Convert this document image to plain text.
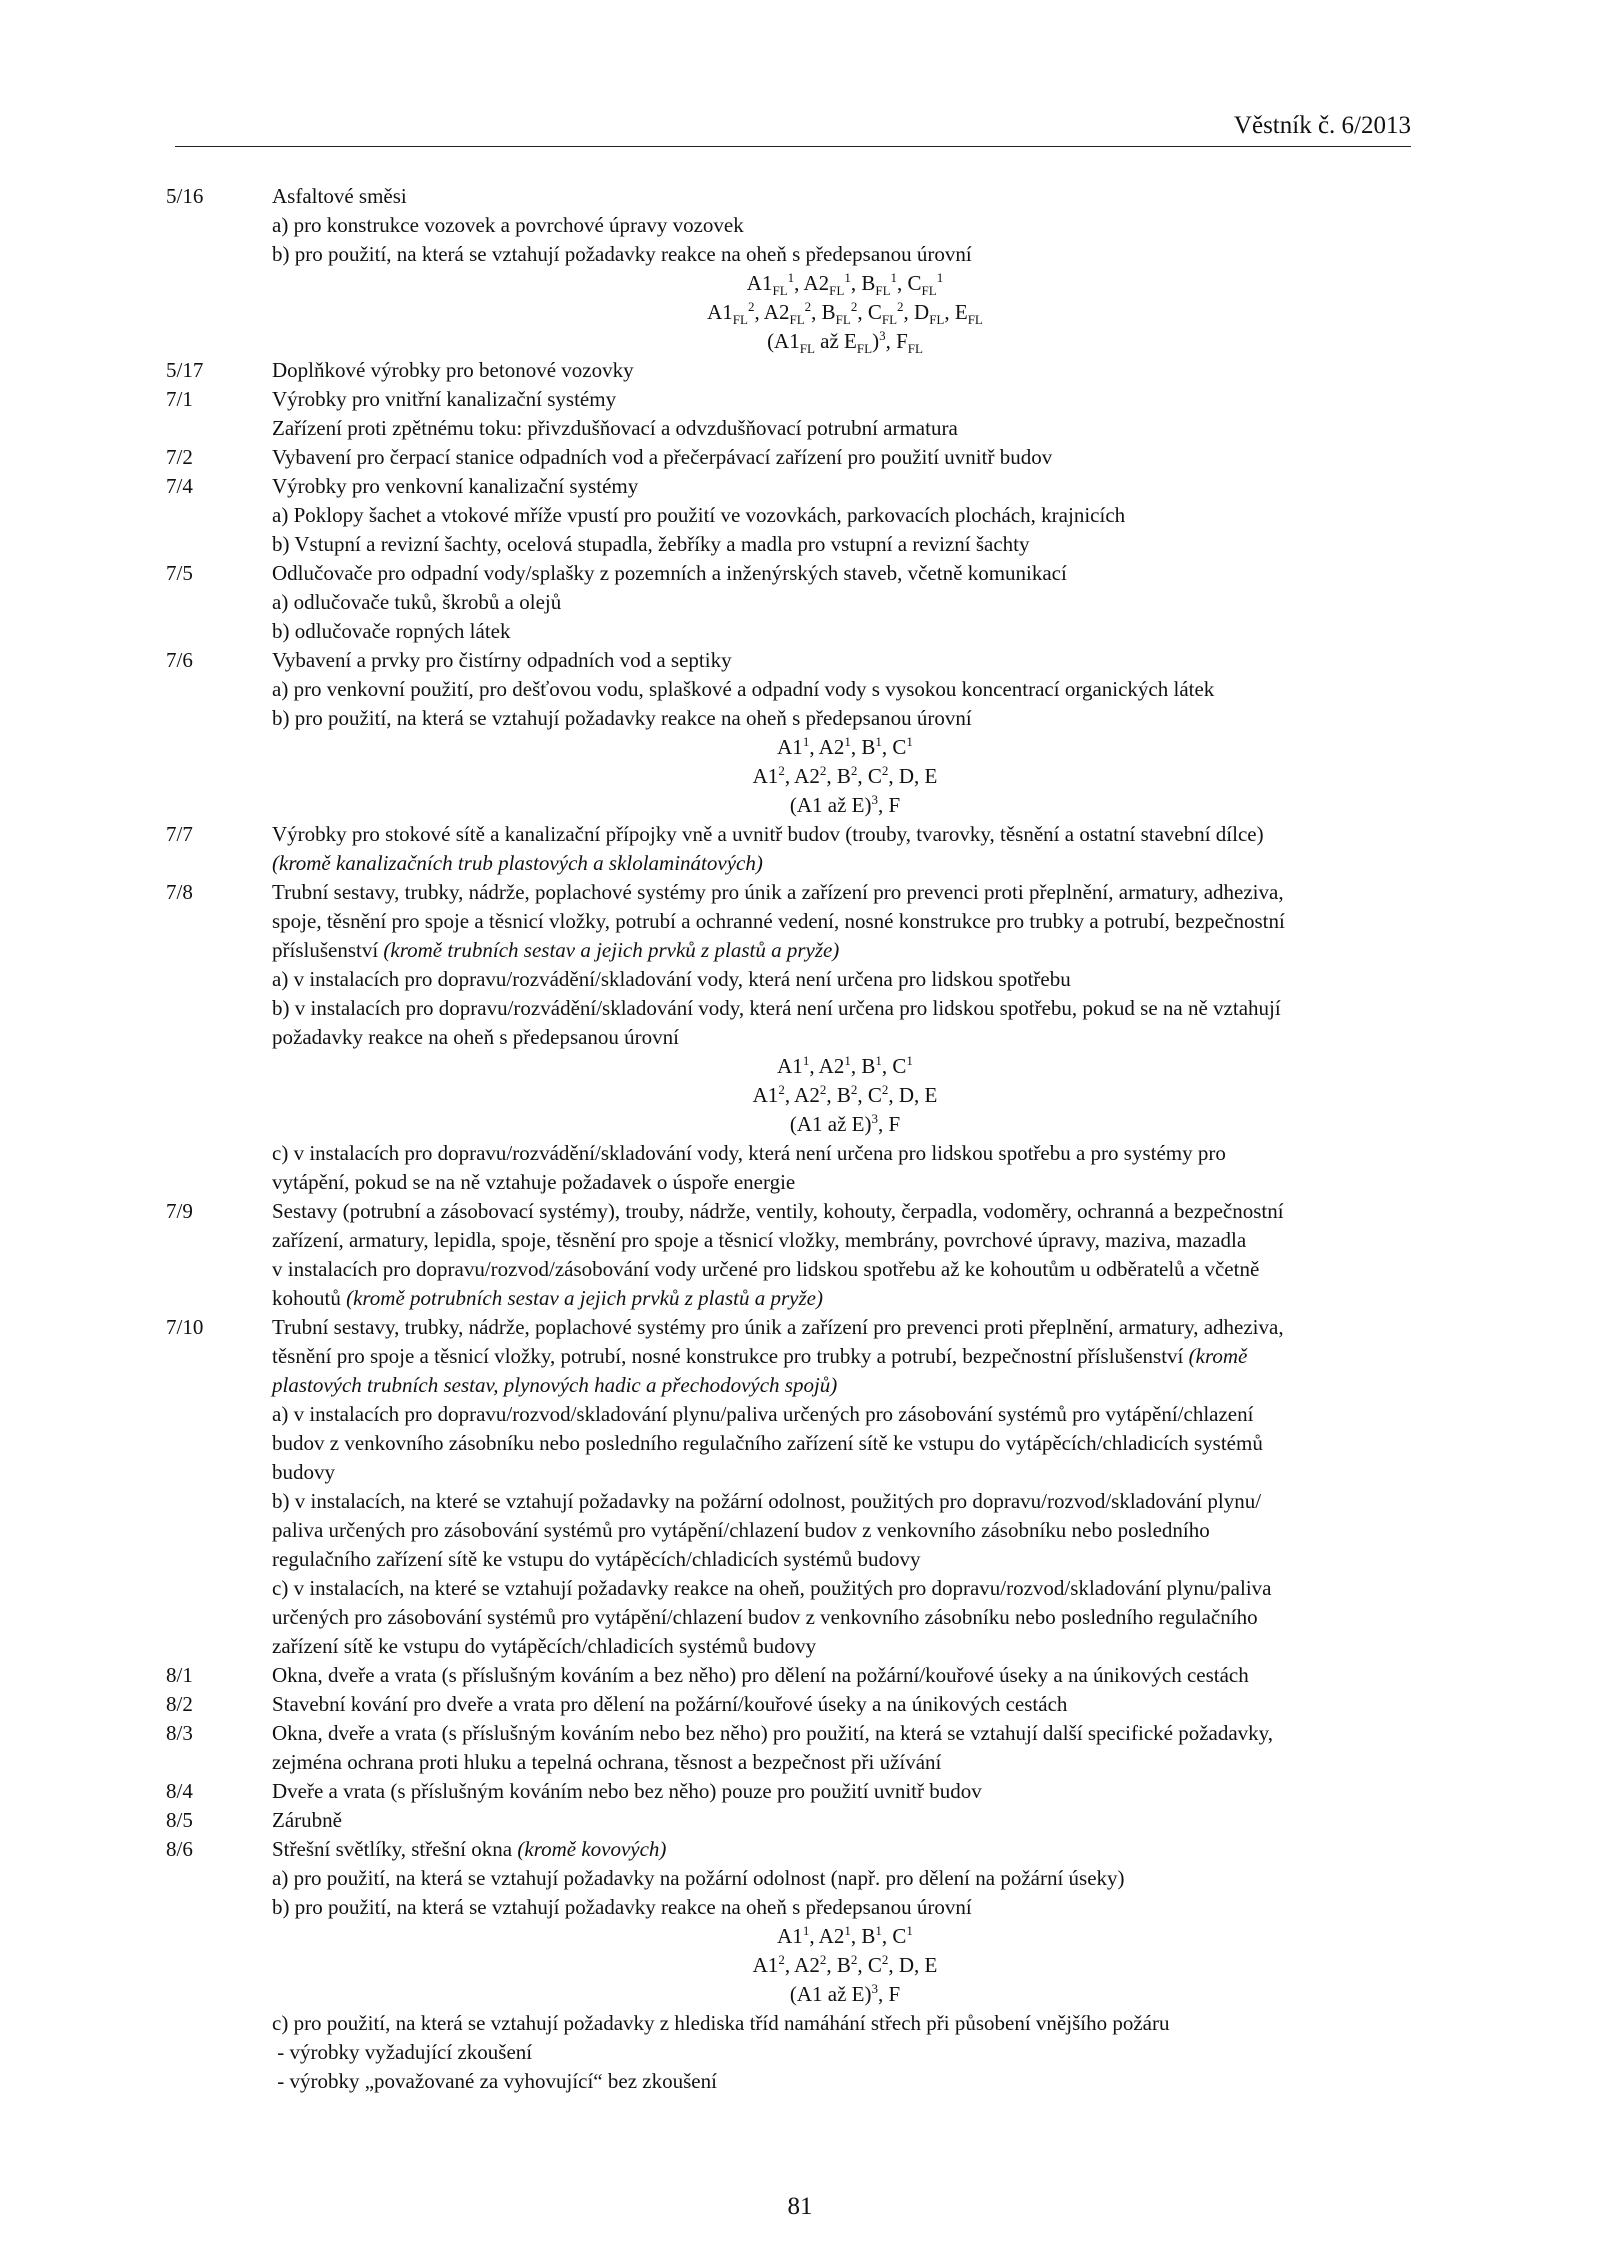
Věstník č. 6/2013
5/16	Asfaltové směsi
a) pro konstrukce vozovek a povrchové úpravy vozovek
b) pro použití, na která se vztahují požadavky reakce na oheň s předepsanou úrovní
$A1_{FL}^1$, $A2_{FL}^1$, $B_{FL}^1$, $C_{FL}^1$
$A1_{FL}^2$, $A2_{FL}^2$, $B_{FL}^2$, $C_{FL}^2$, $D_{FL}$, $E_{FL}$
($A1_{FL}$ až $E_{FL})^3$, $F_{FL}$
5/17	Doplňkové výrobky pro betonové vozovky
7/1	Výrobky pro vnitřní kanalizační systémy
Zařízení proti zpětnému toku: přivzdušňovací a odvzdušňovací potrubní armatura
7/2	Vybavení pro čerpací stanice odpadních vod a přečerpávací zařízení pro použití uvnitř budov
7/4	Výrobky pro venkovní kanalizační systémy
a) Poklopy šachet a vtokové mříže vpustí pro použití ve vozovkách, parkovacích plochách, krajnicích
b) Vstupní a revizní šachty, ocelová stupadla, žebříky a madla pro vstupní a revizní šachty
7/5	Odlučovače pro odpadní vody/splašky z pozemních a inženýrských staveb, včetně komunikací
a) odlučovače tuků, škrobů a olejů
b) odlučovače ropných látek
7/6	Vybavení a prvky pro čistírny odpadních vod a septiky
a) pro venkovní použití, pro dešťovou vodu, splaškové a odpadní vody s vysokou koncentrací organických látek
b) pro použití, na která se vztahují požadavky reakce na oheň s předepsanou úrovní
$A1^1$, $A2^1$, $B^1$, $C^1$
$A1^2$, $A2^2$, $B^2$, $C^2$, D, E
(A1 až E)$^3$, F
7/7	Výrobky pro stokové sítě a kanalizační přípojky vně a uvnitř budov (trouby, tvarovky, těsnění a ostatní stavební dílce)
(kromě kanalizačních trub plastových a sklolaminátových)
7/8	Trubní sestavy, trubky, nádrže, poplachové systémy pro únik a zařízení pro prevenci proti přeplnění, armatury, adheziva,
spoje, těsnění pro spoje a těsnicí vložky, potrubí a ochranné vedení, nosné konstrukce pro trubky a potrubí, bezpečnostní
příslušenství (kromě trubních sestav a jejich prvků z plastů a pryže)
a) v instalacích pro dopravu/rozvádění/skladování vody, která není určena pro lidskou spotřebu
b) v instalacích pro dopravu/rozvádění/skladování vody, která není určena pro lidskou spotřebu, pokud se na ně vztahují
požadavky reakce na oheň s předepsanou úrovní
$A1^1$, $A2^1$, $B^1$, $C^1$
$A1^2$, $A2^2$, $B^2$, $C^2$, D, E
(A1 až E)$^3$, F
c) v instalacích pro dopravu/rozvádění/skladování vody, která není určena pro lidskou spotřebu a pro systémy pro
vytápění, pokud se na ně vztahuje požadavek o úspoře energie
7/9	Sestavy (potrubní a zásobovací systémy), trouby, nádrže, ventily, kohouty, čerpadla, vodoměry, ochranná a bezpečnostní
zařízení, armatury, lepidla, spoje, těsnění pro spoje a těsnicí vložky, membrány, povrchové úpravy, maziva, mazadla
v instalacích pro dopravu/rozvod/zásobování vody určené pro lidskou spotřebu až ke kohoutům u odběratelů a včetně
kohoutů (kromě potrubních sestav a jejich prvků z plastů a pryže)
7/10	Trubní sestavy, trubky, nádrže, poplachové systémy pro únik a zařízení pro prevenci proti přeplnění, armatury, adheziva,
těsnění pro spoje a těsnicí vložky, potrubí, nosné konstrukce pro trubky a potrubí, bezpečnostní příslušenství (kromě
plastových trubních sestav, plynových hadic a přechodových spojů)
a) v instalacích pro dopravu/rozvod/skladování plynu/paliva určených pro zásobování systémů pro vytápění/chlazení
budov z venkovního zásobníku nebo posledního regulačního zařízení sítě ke vstupu do vytápěcích/chladicích systémů
budovy
b) v instalacích, na které se vztahují požadavky na požární odolnost, použitých pro dopravu/rozvod/skladování plynu/
paliva určených pro zásobování systémů pro vytápění/chlazení budov z venkovního zásobníku nebo posledního
regulačního zařízení sítě ke vstupu do vytápěcích/chladicích systémů budovy
c) v instalacích, na které se vztahují požadavky reakce na oheň, použitých pro dopravu/rozvod/skladování plynu/paliva
určených pro zásobování systémů pro vytápění/chlazení budov z venkovního zásobníku nebo posledního regulačního
zařízení sítě ke vstupu do vytápěcích/chladicích systémů budovy
8/1	Okna, dveře a vrata (s příslušným kováním a bez něho) pro dělení na požární/kouřové úseky a na únikových cestách
8/2	Stavební kování pro dveře a vrata pro dělení na požární/kouřové úseky a na únikových cestách
8/3	Okna, dveře a vrata (s příslušným kováním nebo bez něho) pro použití, na která se vztahují další specifické požadavky,
zejména ochrana proti hluku a tepelná ochrana, těsnost a bezpečnost při užívání
8/4	Dveře a vrata (s příslušným kováním nebo bez něho) pouze pro použití uvnitř budov
8/5	Zárubně
8/6	Střešní světlíky, střešní okna (kromě kovových)
a) pro použití, na která se vztahují požadavky na požární odolnost (např. pro dělení na požární úseky)
b) pro použití, na která se vztahují požadavky reakce na oheň s předepsanou úrovní
$A1^1$, $A2^1$, $B^1$, $C^1$
$A1^2$, $A2^2$, $B^2$, $C^2$, D, E
(A1 až E)$^3$, F
c) pro použití, na která se vztahují požadavky z hlediska tříd namáhání střech při působení vnějšího požáru
- výrobky vyžadující zkoušení
- výrobky „považované za vyhovující“ bez zkoušení
81
